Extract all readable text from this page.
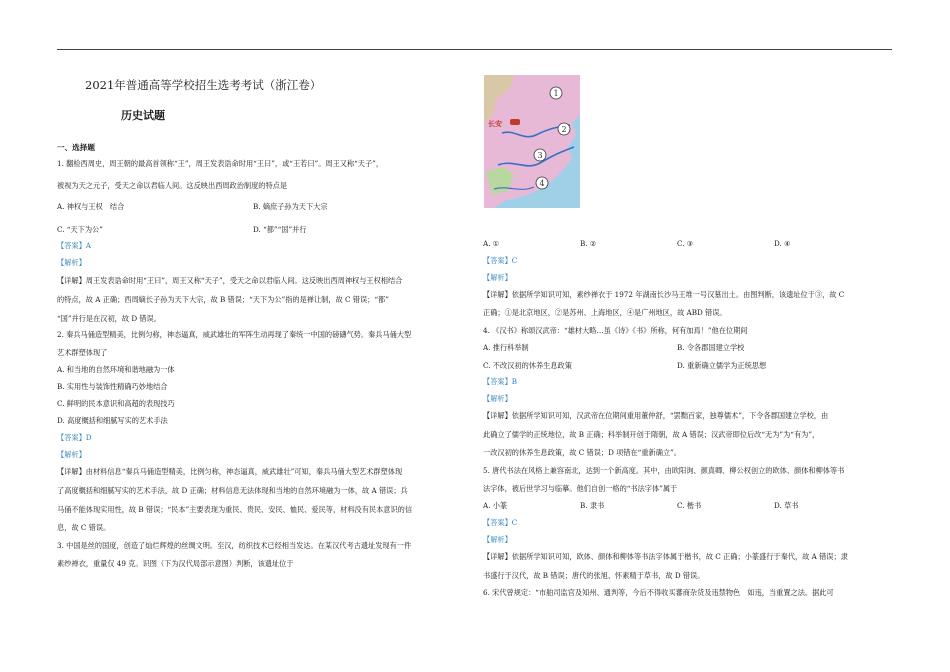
2021年普通高等学校招生选考考试（浙江卷）
历史试题
一、选择题
1. 翻检西周史，周王朝的最高首领称“王”，周王发表诰命时用“王曰”，或“王若曰”。周王又称“天子”，
被视为天之元子，受天之命以君临人间。这反映出西周政治制度的特点是
A. 神权与王权　结合	B. 嫡庶子孙为天下大宗
C. “天下为公”	D. “都”“国”并行
【答案】A
【解析】
【详解】周王发表诰命时用“王曰”，周王又称“天子”，受天之命以君临人间。这反映出西周神权与王权相结合
的特点，故 A 正确；西周嫡长子孙为天下大宗，故 B 错误；“天下为公”指的是禅让制，故 C 错误；“都”
“国”并行是在汉初，故 D 错误。
2. 秦兵马俑造型精美，比例匀称，神态逼真，威武雄壮的军阵生动再现了秦统一中国的磅礴气势。秦兵马俑大型
艺术群塑体现了
A. 和当地的自然环境和谐地融为一体
B. 实用性与装饰性精确巧妙地结合
C. 鲜明的民本意识和高超的表现技巧
D. 高度概括和细腻写实的艺术手法
【答案】D
【解析】
【详解】由材料信息“秦兵马俑造型精美，比例匀称，神态逼真，威武雄壮”可知，秦兵马俑大型艺术群塑体现
了高度概括和细腻写实的艺术手法，故 D 正确；材料信息无法体现和当地的自然环境融为一体，故 A 错误；兵
马俑不能体现实用性，故 B 错误；“民本”主要表现为重民、贵民、安民、恤民、爱民等，材料没有民本意识的信
息，故 C 错误。
3. 中国是丝的国度，创造了灿烂辉煌的丝绸文明。至汉，纺织技术已经相当发达。在某汉代考古遗址发现有一件
素纱禅衣，重量仅 49 克。识图（下为汉代局部示意图）判断，该遗址位于
长安
1
2
3
4
A. ①	B. ②	C. ③	D. ④
【答案】C
【解析】
【详解】依据所学知识可知，素纱禅衣于 1972 年湖南长沙马王堆一号汉墓出土。由图判断，该遗址位于③，故 C
正确；①是北京地区，②是苏州、上海地区，④是广州地区，故 ABD 错误。
4. 《汉书》称颂汉武帝：“雄材大略…虽《诗》《书》所称，何有加焉！”他在位期间
A. 推行科举制	B. 令各郡国建立学校
C. 不改汉初的休养生息政策	D. 重新确立儒学为正统思想
【答案】B
【解析】
【详解】依据所学知识可知，汉武帝在位期间重用董仲舒，“罢黜百家，独尊儒术”，下令各郡国建立学校，由
此确立了儒学的正统地位，故 B 正确；科举制开创于隋朝，故 A 错误；汉武帝即位后改“无为”为“有为”，
一改汉初的休养生息政策，故 C 错误；D 项错在“重新确立”。
5. 唐代书法在风格上兼容南北，达到一个新高度。其中，由欧阳询、颜真卿、柳公权创立的欧体、颜体和柳体等书
法字体，被后世学习与临摹。他们自创一格的“书法字体”属于
A. 小篆	B. 隶书	C. 楷书	D. 草书
【答案】C
【解析】
【详解】依据所学知识可知，欧体、颜体和柳体等书法字体属于楷书，故 C 正确；小篆盛行于秦代，故 A 错误；隶
书盛行于汉代，故 B 错误；唐代的张旭、怀素精于草书，故 D 错误。
6. 宋代曾规定：“市舶司监官及知州、通判等，今后不得收买蕃商杂货及违禁物色　如违，当重置之法。据此可
